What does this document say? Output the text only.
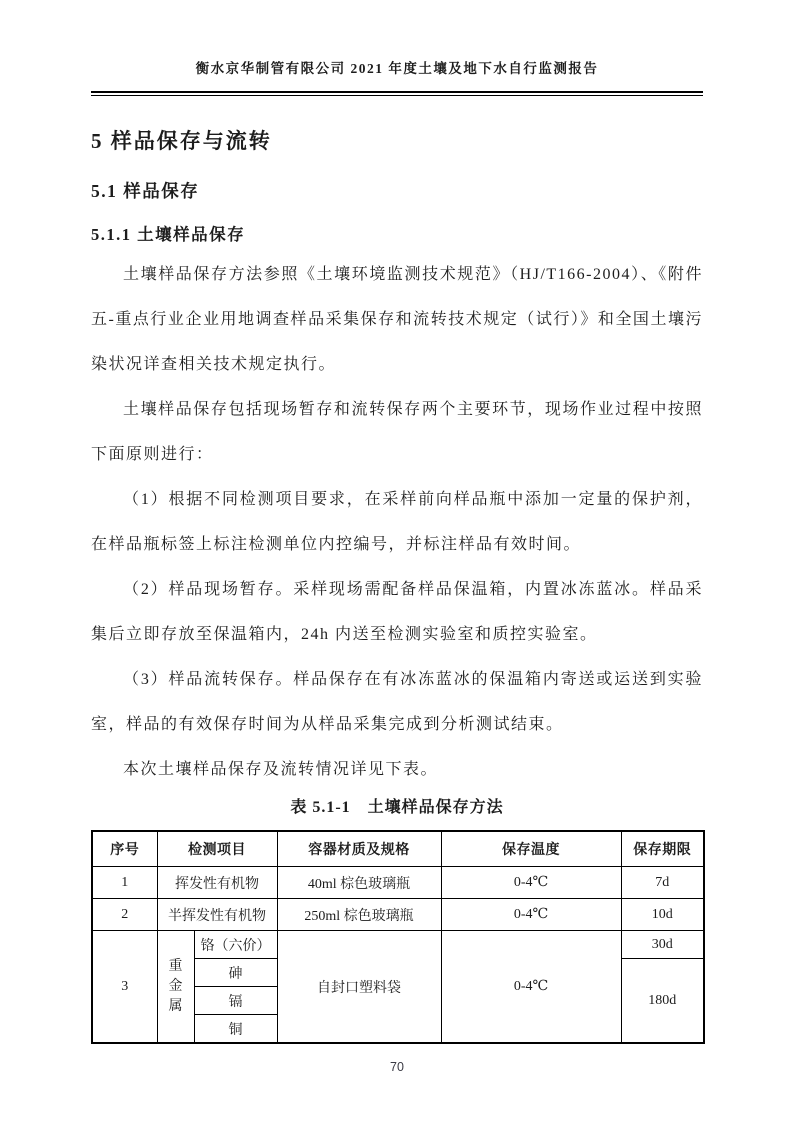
衡水京华制管有限公司 2021 年度土壤及地下水自行监测报告
5 样品保存与流转
5.1 样品保存
5.1.1 土壤样品保存

土壤样品保存方法参照《土壤环境监测技术规范》（HJ/T166-2004）、《附件五-重点行业企业用地调查样品采集保存和流转技术规定（试行）》和全国土壤污染状况详查相关技术规定执行。

土壤样品保存包括现场暂存和流转保存两个主要环节，现场作业过程中按照下面原则进行：

（1）根据不同检测项目要求，在采样前向样品瓶中添加一定量的保护剂，在样品瓶标签上标注检测单位内控编号，并标注样品有效时间。

（2）样品现场暂存。采样现场需配备样品保温箱，内置冰冻蓝冰。样品采集后立即存放至保温箱内，24h 内送至检测实验室和质控实验室。

（3）样品流转保存。样品保存在有冰冻蓝冰的保温箱内寄送或运送到实验室，样品的有效保存时间为从样品采集完成到分析测试结束。

本次土壤样品保存及流转情况详见下表。

表 5.1-1　土壤样品保存方法
序号	检测项目		容器材质及规格	保存温度	保存期限
1	挥发性有机物		40ml 棕色玻璃瓶	0-4℃	7d
2	半挥发性有机物		250ml 棕色玻璃瓶	0-4℃	10d
3	重金属	铬（六价）	自封口塑料袋	0-4℃	30d
		砷			180d
		镉			
		铜			
70
